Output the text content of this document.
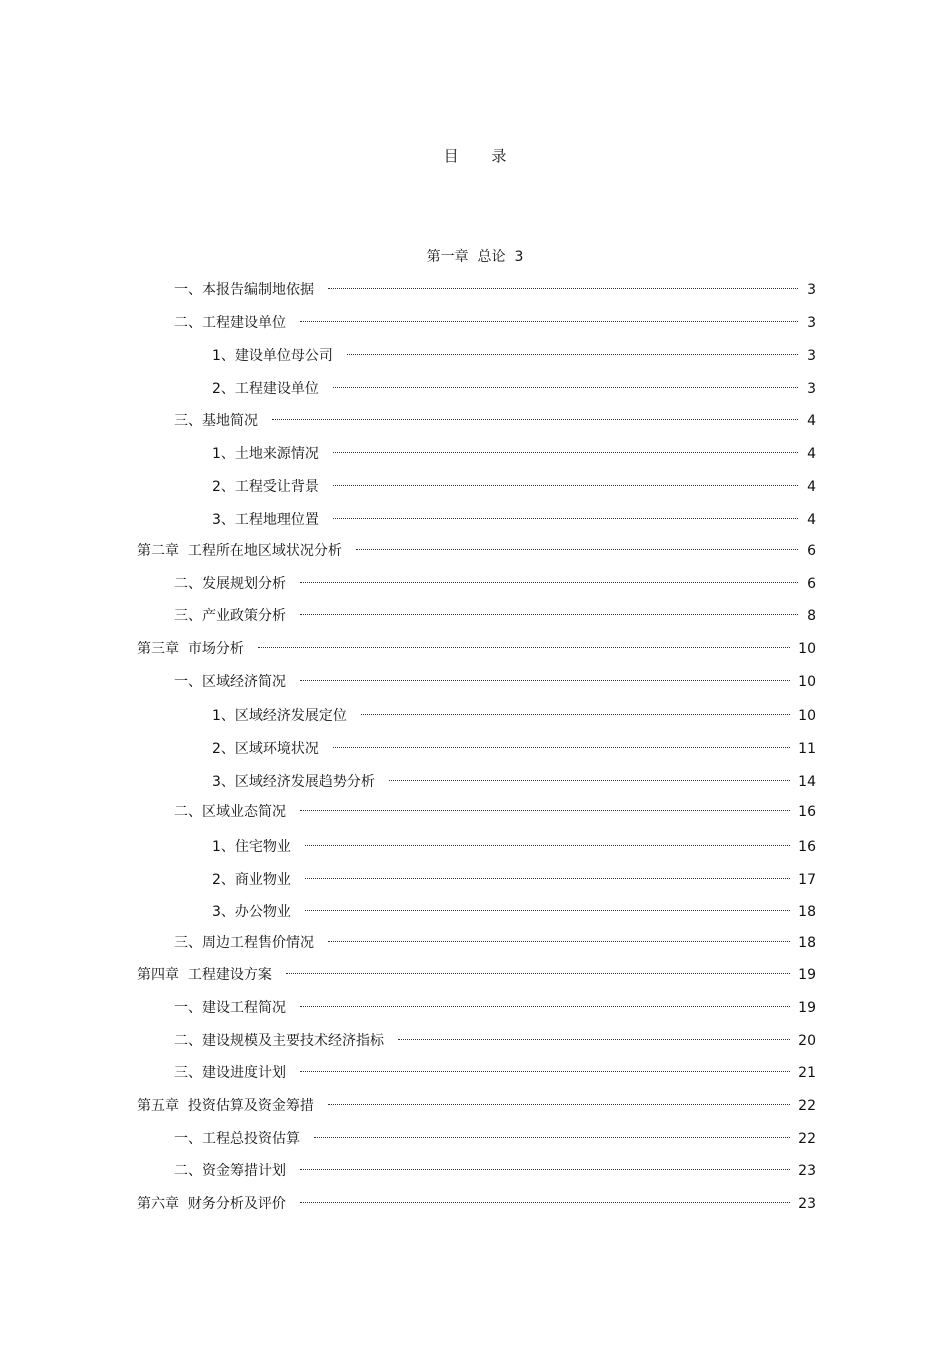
目 录
第一章  总论  3
一、本报告编制地依据	3
二、工程建设单位	3
1、建设单位母公司	3
2、工程建设单位	3
三、基地简况	4
1、土地来源情况	4
2、工程受让背景	4
3、工程地理位置	4
第二章  工程所在地区域状况分析	6
二、发展规划分析	6
三、产业政策分析	8
第三章  市场分析	10
一、区域经济简况	10
1、区域经济发展定位	10
2、区域环境状况	11
3、区域经济发展趋势分析	14
二、区域业态简况	16
1、住宅物业	16
2、商业物业	17
3、办公物业	18
三、周边工程售价情况	18
第四章  工程建设方案	19
一、建设工程简况	19
二、建设规模及主要技术经济指标	20
三、建设进度计划	21
第五章  投资估算及资金筹措	22
一、工程总投资估算	22
二、资金筹措计划	23
第六章  财务分析及评价	23
